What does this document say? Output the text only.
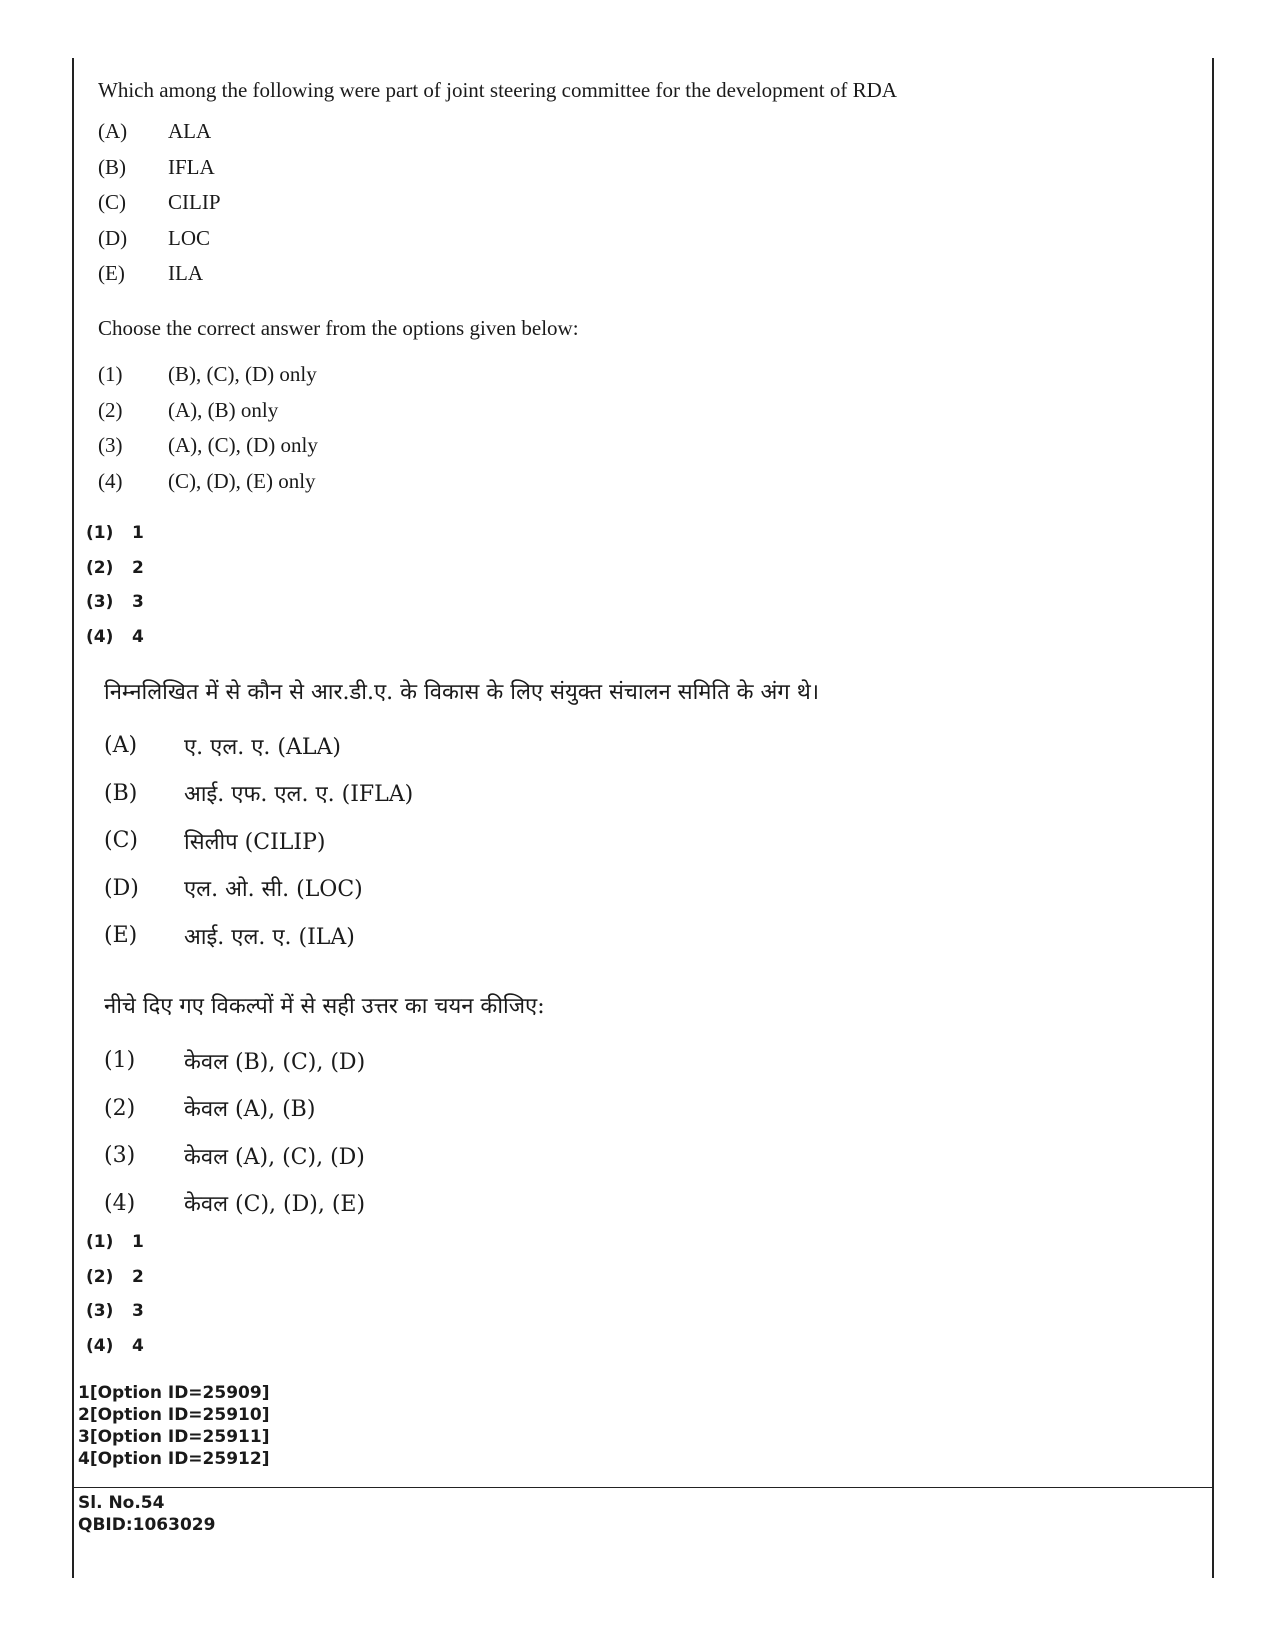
Which among the following were part of joint steering committee for the development of RDA
(A)	ALA
(B)	IFLA
(C)	CILIP
(D)	LOC
(E)	ILA
Choose the correct answer from the options given below:
(1)	(B), (C), (D) only
(2)	(A), (B) only
(3)	(A), (C), (D) only
(4)	(C), (D), (E) only
(1)	1
(2)	2
(3)	3
(4)	4
निम्नलिखित में से कौन से आर.डी.ए. के विकास के लिए संयुक्त संचालन समिति के अंग थे।
(A)	ए. एल. ए. (ALA)
(B)	आई. एफ. एल. ए. (IFLA)
(C)	सिलीप (CILIP)
(D)	एल. ओ. सी. (LOC)
(E)	आई. एल. ए. (ILA)
नीचे दिए गए विकल्पों में से सही उत्तर का चयन कीजिए:
(1)	केवल (B), (C), (D)
(2)	केवल (A), (B)
(3)	केवल (A), (C), (D)
(4)	केवल (C), (D), (E)
(1)	1
(2)	2
(3)	3
(4)	4
1[Option ID=25909]
2[Option ID=25910]
3[Option ID=25911]
4[Option ID=25912]
Sl. No.54
QBID:1063029
